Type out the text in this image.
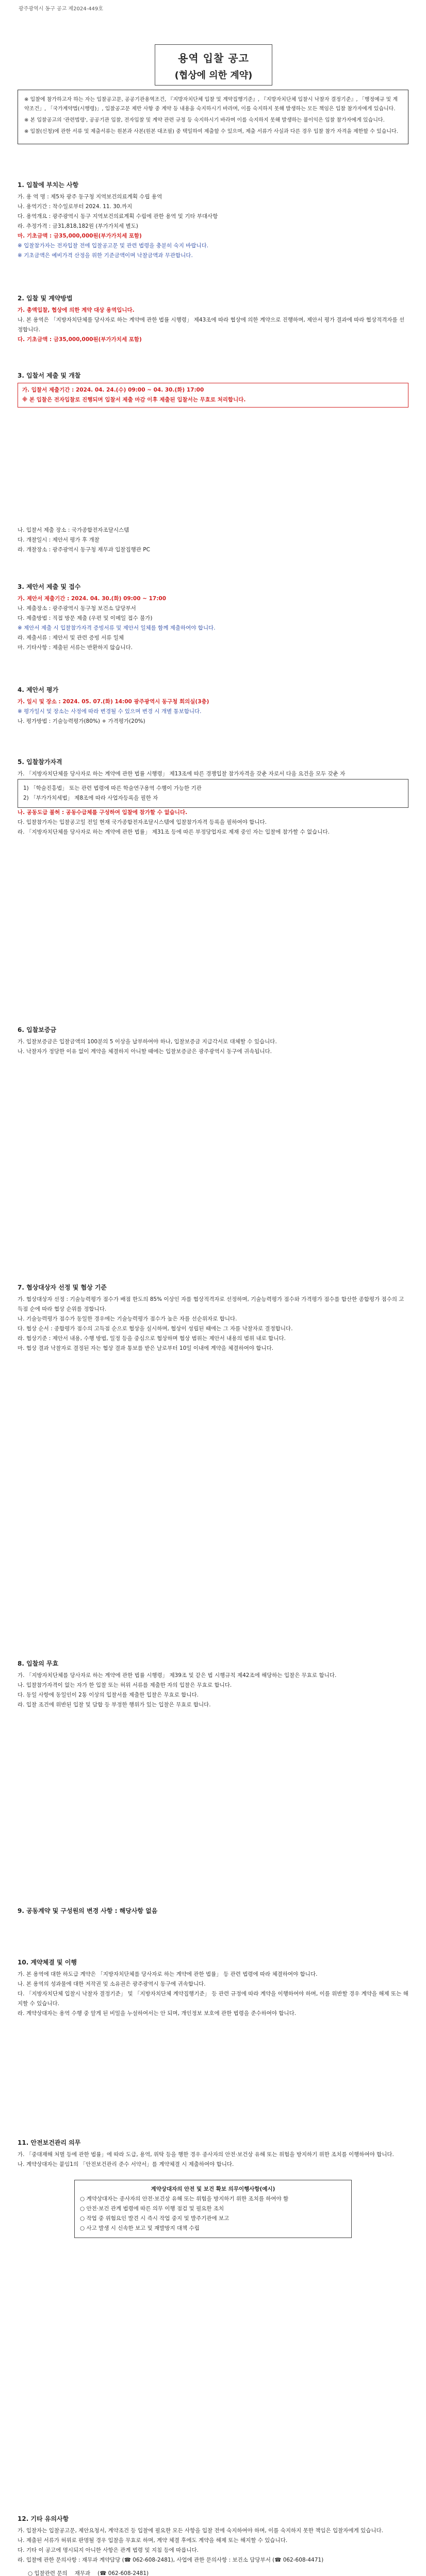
광주광역시 동구 공고 제2024-449호
용역 입찰 공고
(협상에 의한 계약)

※ 입찰에 참가하고자 하는 자는 입찰공고문, 공공기관용역조건, 『지방자치단체 입찰 및 계약집행기준』, 『지방자치단체 입찰시 낙찰자 결정기준』, 「행정예규 및 계약조건」, 「국가계약법(시행령)」, 입찰공고문 제반 사항 중 계약 등 내용을 숙지하시기 바라며, 이를 숙지하지 못해 발생하는 모든 책임은 입찰 참가자에게 있습니다.

※ 본 입찰공고의 '관련법령', 공공기관 입찰, 전자입찰 및 계약 관련 규정 등 숙지하시기 바라며 이를 숙지하지 못해 발생하는 불이익은 입찰 참가자에게 있습니다.

※ 입찰(신청)에 관한 서류 및 제출서류는 원본과 사본(원본 대조필) 중 택일하여 제출할 수 있으며, 제출 서류가 사실과 다른 경우 입찰 참가 자격을 제한할 수 있습니다.

1. 입찰에 부치는 사항

가. 용 역 명 : 제5차 광주 동구청 지역보건의료계획 수립 용역

나. 용역기간 : 착수일로부터 2024. 11. 30.까지

다. 용역개요 : 광주광역시 동구 지역보건의료계획 수립에 관한 용역 및 기타 부대사항

라. 추정가격 : 금31,818,182원 (부가가치세 별도)

마. 기초금액 : 금35,000,000원(부가가치세 포함)

※ 입찰참가자는 전자입찰 전에 입찰공고문 및 관련 법령을 충분히 숙지 바랍니다.

※ 기초금액은 예비가격 산정을 위한 기준금액이며 낙찰금액과 무관합니다.

2. 입찰 및 계약방법

가. 총액입찰, 협상에 의한 계약 대상 용역입니다.

나. 본 용역은 「지방자치단체를 당사자로 하는 계약에 관한 법률 시행령」 제43조에 따라 협상에 의한 계약으로 진행하며, 제안서 평가 결과에 따라 협상적격자를 선정합니다.

다. 기초금액 : 금35,000,000원(부가가치세 포함)

3. 입찰서 제출 및 개찰

가. 입찰서 제출기간 : 2024. 04. 24.(수) 09:00 ~ 04. 30.(화) 17:00

※ 본 입찰은 전자입찰로 진행되며 입찰서 제출 마감 이후 제출된 입찰서는 무효로 처리합니다.

나. 입찰서 제출 장소 : 국가종합전자조달시스템

다. 개찰일시 : 제안서 평가 후 개찰

라. 개찰장소 : 광주광역시 동구청 재무과 입찰집행관 PC

3. 제안서 제출 및 접수

가. 제안서 제출기간 : 2024. 04. 30.(화) 09:00 ~ 17:00

나. 제출장소 : 광주광역시 동구청 보건소 담당부서

다. 제출방법 : 직접 방문 제출 (우편 및 이메일 접수 불가)

※ 제안서 제출 시 입찰참가자격 증빙서류 및 제안서 일체를 함께 제출하여야 합니다.

라. 제출서류 : 제안서 및 관련 증빙 서류 일체

마. 기타사항 : 제출된 서류는 반환하지 않습니다.

4. 제안서 평가

가. 일시 및 장소 : 2024. 05. 07.(화) 14:00 광주광역시 동구청 회의실(3층)

※ 평가일시 및 장소는 사정에 따라 변경될 수 있으며 변경 시 개별 통보합니다.

나. 평가방법 : 기술능력평가(80%) + 가격평가(20%)

5. 입찰참가자격

가. 「지방자치단체를 당사자로 하는 계약에 관한 법률 시행령」 제13조에 따른 경쟁입찰 참가자격을 갖춘 자로서 다음 요건을 모두 갖춘 자

1) 「학술진흥법」 또는 관련 법령에 따른 학술연구용역 수행이 가능한 기관

2) 「부가가치세법」 제8조에 따라 사업자등록을 필한 자

나. 공동도급 불허 : 공동수급체를 구성하여 입찰에 참가할 수 없습니다.

다. 입찰참가자는 입찰공고일 전일 현재 국가종합전자조달시스템에 입찰참가자격 등록을 필하여야 합니다.

라. 「지방자치단체를 당사자로 하는 계약에 관한 법률」 제31조 등에 따른 부정당업자로 제재 중인 자는 입찰에 참가할 수 없습니다.

6. 입찰보증금

가. 입찰보증금은 입찰금액의 100분의 5 이상을 납부하여야 하나, 입찰보증금 지급각서로 대체할 수 있습니다.

나. 낙찰자가 정당한 이유 없이 계약을 체결하지 아니할 때에는 입찰보증금은 광주광역시 동구에 귀속됩니다.

7. 협상대상자 선정 및 협상 기준

가. 협상대상자 선정 : 기술능력평가 점수가 배점 한도의 85% 이상인 자를 협상적격자로 선정하며, 기술능력평가 점수와 가격평가 점수를 합산한 종합평가 점수의 고득점 순에 따라 협상 순위를 정합니다.

나. 기술능력평가 점수가 동일한 경우에는 기술능력평가 점수가 높은 자를 선순위자로 합니다.

다. 협상 순서 : 종합평가 점수의 고득점 순으로 협상을 실시하며, 협상이 성립된 때에는 그 자를 낙찰자로 결정합니다.

라. 협상기준 : 제안서 내용, 수행 방법, 일정 등을 중심으로 협상하며 협상 범위는 제안서 내용의 범위 내로 합니다.

마. 협상 결과 낙찰자로 결정된 자는 협상 결과 통보를 받은 날로부터 10일 이내에 계약을 체결하여야 합니다.

8. 입찰의 무효

가. 「지방자치단체를 당사자로 하는 계약에 관한 법률 시행령」 제39조 및 같은 법 시행규칙 제42조에 해당하는 입찰은 무효로 합니다.

나. 입찰참가자격이 없는 자가 한 입찰 또는 허위 서류를 제출한 자의 입찰은 무효로 합니다.

다. 동일 사항에 동일인이 2통 이상의 입찰서를 제출한 입찰은 무효로 합니다.

라. 입찰 조건에 위반된 입찰 및 담합 등 부정한 행위가 있는 입찰은 무효로 합니다.

9. 공동계약 및 구성원의 변경 사항 : 해당사항 없음
10. 계약체결 및 이행

가. 본 용역에 대한 하도급 계약은 「지방자치단체를 당사자로 하는 계약에 관한 법률」 등 관련 법령에 따라 체결하여야 합니다.

나. 본 용역의 성과물에 대한 저작권 및 소유권은 광주광역시 동구에 귀속합니다.

다. 「지방자치단체 입찰시 낙찰자 결정기준」 및 「지방자치단체 계약집행기준」 등 관련 규정에 따라 계약을 이행하여야 하며, 이를 위반할 경우 계약을 해제 또는 해지할 수 있습니다.

라. 계약상대자는 용역 수행 중 알게 된 비밀을 누설하여서는 안 되며, 개인정보 보호에 관한 법령을 준수하여야 합니다.

11. 안전보건관리 의무

가. 「중대재해 처벌 등에 관한 법률」에 따라 도급, 용역, 위탁 등을 행한 경우 종사자의 안전·보건상 유해 또는 위험을 방지하기 위한 조치를 이행하여야 합니다.

나. 계약상대자는 붙임1의 「안전보건관리 준수 서약서」를 계약체결 시 제출하여야 합니다.

계약상대자의 안전 및 보건 확보 의무이행사항(예시)

○ 계약상대자는 종사자의 안전·보건상 유해 또는 위험을 방지하기 위한 조치를 하여야 함

○ 안전·보건 관계 법령에 따른 의무 이행 점검 및 필요한 조치

○ 작업 중 위험요인 발견 시 즉시 작업 중지 및 발주기관에 보고

○ 사고 발생 시 신속한 보고 및 재발방지 대책 수립

12. 기타 유의사항

가. 입찰자는 입찰공고문, 제안요청서, 계약조건 등 입찰에 필요한 모든 사항을 입찰 전에 숙지하여야 하며, 이를 숙지하지 못한 책임은 입찰자에게 있습니다.

나. 제출된 서류가 허위로 판명될 경우 입찰을 무효로 하며, 계약 체결 후에도 계약을 해제 또는 해지할 수 있습니다.

다. 기타 이 공고에 명시되지 아니한 사항은 관계 법령 및 지침 등에 따릅니다.

라. 입찰에 관한 문의사항 : 재무과 계약담당 (☎ 062-608-2481), 사업에 관한 문의사항 : 보건소 담당부서 (☎ 062-608-4471)

○ 입찰관련 문의	재무과	(☎ 062-608-2481)
